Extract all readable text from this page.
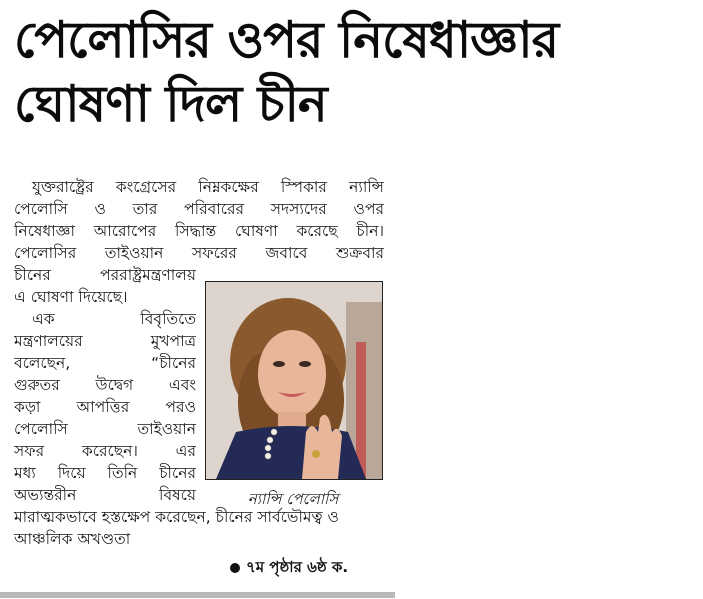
পেলোসির ওপর নিষেধাজ্ঞার
ঘোষণা দিল চীন

যুক্তরাষ্ট্রের কংগ্রেসের নিম্নকক্ষের স্পিকার ন্যান্সি
পেলোসি ও তার পরিবারের সদস্যদের ওপর
নিষেধাজ্ঞা আরোপের সিদ্ধান্ত ঘোষণা করেছে চীন।
পেলোসির তাইওয়ান সফরের জবাবে শুক্রবার

চীনের পররাষ্ট্রমন্ত্রণালয়
এ ঘোষণা দিয়েছে।
এক বিবৃতিতে
মন্ত্রণালয়ের মুখপাত্র
বলেছেন, “চীনের
গুরুতর উদ্বেগ এবং
কড়া আপত্তির পরও
পেলোসি তাইওয়ান
সফর করেছেন। এর
মধ্য দিয়ে তিনি চীনের
অভ্যন্তরীন বিষয়ে

মারাত্মকভাবে হস্তক্ষেপ করেছেন, চীনের সার্বভৌমত্ব ও আঞ্চলিক অখণ্ডতা

ন্যান্সি পেলোসি

৭ম পৃষ্ঠার ৬ষ্ঠ ক.
